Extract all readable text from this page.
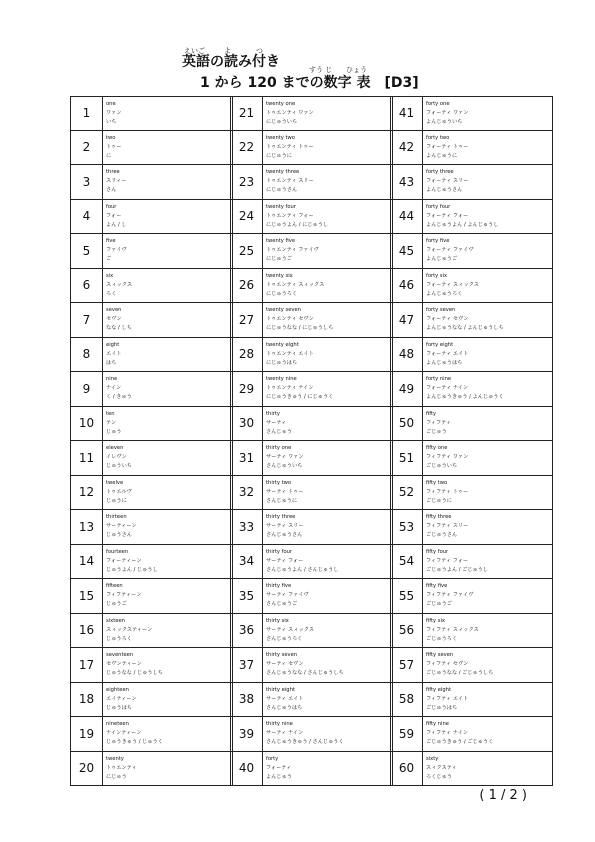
えいご	よ	つ
英語の読み付き	すう じ ひょう
1 から 120 までの数字 表　[D3]
1
one
ワァン
いち
2
two
トゥー
に
3
three
スリィー
さん
4
four
フォー
よん / し
5
five
ファイヴ
ご
6
six
スィックス
ろく
7
seven
セヴン
なな / しち
8
eight
エイト
はち
9
nine
ナイン
く / きゅう
10
ten
テン
じゅう
11
eleven
イレヴン
じゅういち
12
twelve
トゥエルヴ
じゅうに
13
thirteen
サーティーン
じゅうさん
14
fourteen
フォーティーン
じゅうよん / じゅうし
15
fifteen
フィフティーン
じゅうご
16
sixteen
スィックスティーン
じゅうろく
17
seventeen
セヴンティーン
じゅうなな / じゅうしち
18
eighteen
エイティーン
じゅうはち
19
nineteen
ナインティーン
じゅうきゅう / じゅうく
20
twenty
トゥエンティ
にじゅう
21
twenty one
トゥエンティ ワァン
にじゅういち
22
twenty two
トゥエンティ トゥー
にじゅうに
23
twenty three
トゥエンティ スリー
にじゅうさん
24
twenty four
トゥエンティ フォー
にじゅうよん / にじゅうし
25
twenty five
トゥエンティ ファイヴ
にじゅうご
26
twenty six
トゥエンティ スィックス
にじゅうろく
27
twenty seven
トゥエンティ セヴン
にじゅうなな / にじゅうしち
28
twenty eight
トゥエンティ エイト
にじゅうはち
29
twenty nine
トゥエンティ ナイン
にじゅうきゅう / にじゅうく
30
thirty
サーティ
さんじゅう
31
thirty one
サーティ ワァン
さんじゅういち
32
thirty two
サーティ トゥー
さんじゅうに
33
thirty three
サーティ スリー
さんじゅうさん
34
thirty four
サーティ フォー
さんじゅうよん / さんじゅうし
35
thirty five
サーティ ファイヴ
さんじゅうご
36
thirty six
サーティ スィックス
さんじゅうろく
37
thirty seven
サーティ セヴン
さんじゅうなな / さんじゅうしち
38
thirty eight
サーティ エイト
さんじゅうはち
39
thirty nine
サーティ ナイン
さんじゅうきゅう / さんじゅうく
40
forty
フォーティ
よんじゅう
41
forty one
フォーティ ワァン
よんじゅういち
42
forty two
フォーティ トゥー
よんじゅうに
43
forty three
フォーティ スリー
よんじゅうさん
44
forty four
フォーティ フォー
よんじゅうよん / よんじゅうし
45
forty five
フォーティ ファイヴ
よんじゅうご
46
forty six
フォーティ スィックス
よんじゅうろく
47
forty seven
フォーティ セヴン
よんじゅうなな / よんじゅうしち
48
forty eight
フォーティ エイト
よんじゅうはち
49
forty nine
フォーティ ナイン
よんじゅうきゅう / よんじゅうく
50
fifty
フィフティ
ごじゅう
51
fifty one
フィフティ ワァン
ごじゅういち
52
fifty two
フィフティ トゥー
ごじゅうに
53
fifty three
フィフティ スリー
ごじゅうさん
54
fifty four
フィフティ フォー
ごじゅうよん / ごじゅうし
55
fifty five
フィフティ ファイヴ
ごじゅうご
56
fifty six
フィフティ スィックス
ごじゅうろく
57
fifty seven
フィフティ セヴン
ごじゅうなな / ごじゅうしち
58
fifty eight
フィフティ エイト
ごじゅうはち
59
fifty nine
フィフティ ナイン
ごじゅうきゅう / ごじゅうく
60
sixty
スィクスティ
ろくじゅう
( 1 / 2 )
